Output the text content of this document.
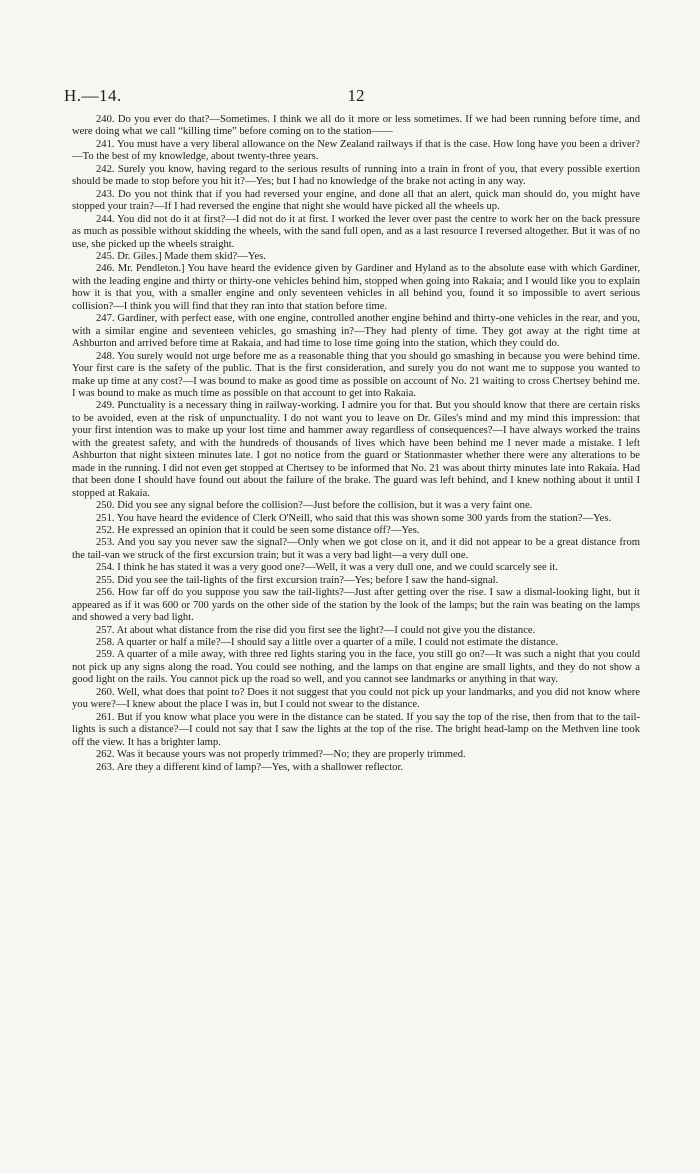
H.—14.	12

240. Do you ever do that?—Sometimes. I think we all do it more or less sometimes. If we had been running before time, and were doing what we call “killing time” before coming on to the station——

241. You must have a very liberal allowance on the New Zealand railways if that is the case. How long have you been a driver?—To the best of my knowledge, about twenty-three years.

242. Surely you know, having regard to the serious results of running into a train in front of you, that every possible exertion should be made to stop before you hit it?—Yes; but I had no knowledge of the brake not acting in any way.

243. Do you not think that if you had reversed your engine, and done all that an alert, quick man should do, you might have stopped your train?—If I had reversed the engine that night she would have picked all the wheels up.

244. You did not do it at first?—I did not do it at first. I worked the lever over past the centre to work her on the back pressure as much as possible without skidding the wheels, with the sand full open, and as a last resource I reversed altogether. But it was of no use, she picked up the wheels straight.

245. Dr. Giles.] Made them skid?—Yes.

246. Mr. Pendleton.] You have heard the evidence given by Gardiner and Hyland as to the absolute ease with which Gardiner, with the leading engine and thirty or thirty-one vehicles behind him, stopped when going into Rakaia; and I would like you to explain how it is that you, with a smaller engine and only seventeen vehicles in all behind you, found it so impossible to avert serious collision?—I think you will find that they ran into that station before time.

247. Gardiner, with perfect ease, with one engine, controlled another engine behind and thirty-one vehicles in the rear, and you, with a similar engine and seventeen vehicles, go smashing in?—They had plenty of time. They got away at the right time at Ashburton and arrived before time at Rakaia, and had time to lose time going into the station, which they could do.

248. You surely would not urge before me as a reasonable thing that you should go smashing in because you were behind time. Your first care is the safety of the public. That is the first consideration, and surely you do not want me to suppose you wanted to make up time at any cost?—I was bound to make as good time as possible on account of No. 21 waiting to cross Chertsey behind me. I was bound to make as much time as possible on that account to get into Rakaia.

249. Punctuality is a necessary thing in railway-working. I admire you for that. But you should know that there are certain risks to be avoided, even at the risk of unpunctuality. I do not want you to leave on Dr. Giles's mind and my mind this impression: that your first intention was to make up your lost time and hammer away regardless of consequences?—I have always worked the trains with the greatest safety, and with the hundreds of thousands of lives which have been behind me I never made a mistake. I left Ashburton that night sixteen minutes late. I got no notice from the guard or Stationmaster whether there were any alterations to be made in the running. I did not even get stopped at Chertsey to be informed that No. 21 was about thirty minutes late into Rakaia. Had that been done I should have found out about the failure of the brake. The guard was left behind, and I knew nothing about it until I stopped at Rakaia.

250. Did you see any signal before the collision?—Just before the collision, but it was a very faint one.

251. You have heard the evidence of Clerk O'Neill, who said that this was shown some 300 yards from the station?—Yes.

252. He expressed an opinion that it could be seen some distance off?—Yes.

253. And you say you never saw the signal?—Only when we got close on it, and it did not appear to be a great distance from the tail-van we struck of the first excursion train; but it was a very bad light—a very dull one.

254. I think he has stated it was a very good one?—Well, it was a very dull one, and we could scarcely see it.

255. Did you see the tail-lights of the first excursion train?—Yes; before I saw the hand-signal.

256. How far off do you suppose you saw the tail-lights?—Just after getting over the rise. I saw a dismal-looking light, but it appeared as if it was 600 or 700 yards on the other side of the station by the look of the lamps; but the rain was beating on the lamps and showed a very bad light.

257. At about what distance from the rise did you first see the light?—I could not give you the distance.

258. A quarter or half a mile?—I should say a little over a quarter of a mile. I could not estimate the distance.

259. A quarter of a mile away, with three red lights staring you in the face, you still go on?—It was such a night that you could not pick up any signs along the road. You could see nothing, and the lamps on that engine are small lights, and they do not show a good light on the rails. You cannot pick up the road so well, and you cannot see landmarks or anything in that way.

260. Well, what does that point to? Does it not suggest that you could not pick up your landmarks, and you did not know where you were?—I knew about the place I was in, but I could not swear to the distance.

261. But if you know what place you were in the distance can be stated. If you say the top of the rise, then from that to the tail-lights is such a distance?—I could not say that I saw the lights at the top of the rise. The bright head-lamp on the Methven line took off the view. It has a brighter lamp.

262. Was it because yours was not properly trimmed?—No; they are properly trimmed.

263. Are they a different kind of lamp?—Yes, with a shallower reflector.
